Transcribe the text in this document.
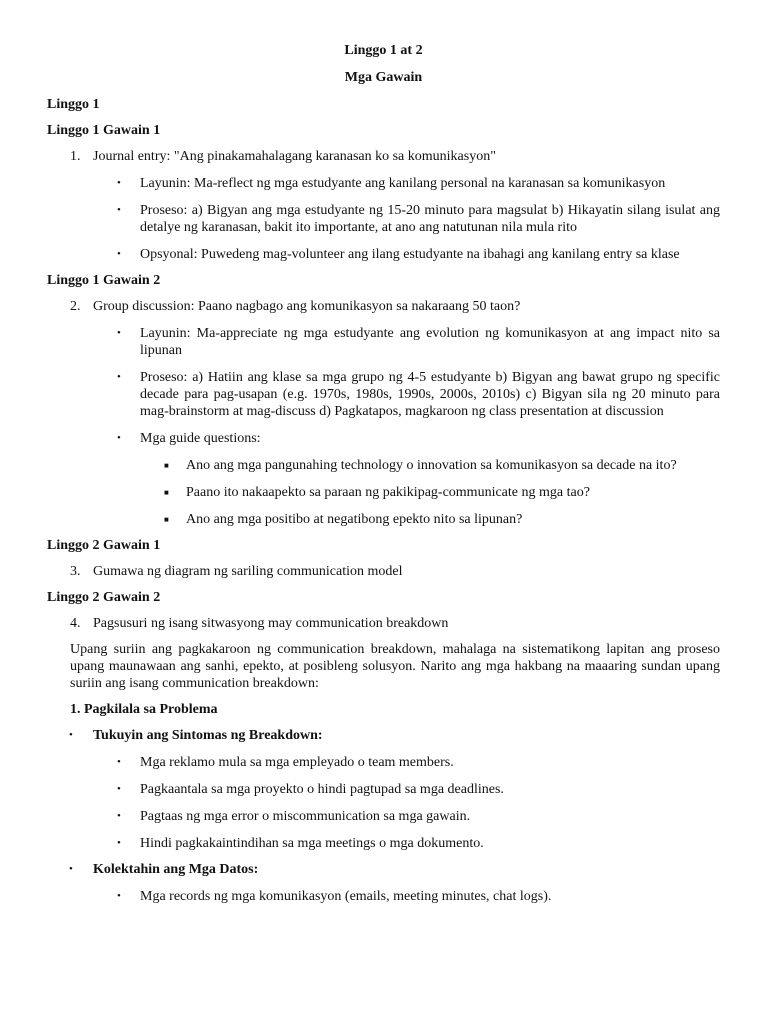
Linggo 1 at 2
Mga Gawain
Linggo 1
Linggo 1 Gawain 1
1. Journal entry: "Ang pinakamahalagang karanasan ko sa komunikasyon"
• Layunin: Ma-reflect ng mga estudyante ang kanilang personal na karanasan sa komunikasyon
• Proseso: a) Bigyan ang mga estudyante ng 15-20 minuto para magsulat b) Hikayatin silang isulat ang detalye ng karanasan, bakit ito importante, at ano ang natutunan nila mula rito
• Opsyonal: Puwedeng mag-volunteer ang ilang estudyante na ibahagi ang kanilang entry sa klase
Linggo 1 Gawain 2
2. Group discussion: Paano nagbago ang komunikasyon sa nakaraang 50 taon?
• Layunin: Ma-appreciate ng mga estudyante ang evolution ng komunikasyon at ang impact nito sa lipunan
• Proseso: a) Hatiin ang klase sa mga grupo ng 4-5 estudyante b) Bigyan ang bawat grupo ng specific decade para pag-usapan (e.g. 1970s, 1980s, 1990s, 2000s, 2010s) c) Bigyan sila ng 20 minuto para mag-brainstorm at mag-discuss d) Pagkatapos, magkaroon ng class presentation at discussion
• Mga guide questions:
■ Ano ang mga pangunahing technology o innovation sa komunikasyon sa decade na ito?
■ Paano ito nakaapekto sa paraan ng pakikipag-communicate ng mga tao?
■ Ano ang mga positibo at negatibong epekto nito sa lipunan?
Linggo 2 Gawain 1
3. Gumawa ng diagram ng sariling communication model
Linggo 2 Gawain 2
4. Pagsusuri ng isang sitwasyong may communication breakdown
Upang suriin ang pagkakaroon ng communication breakdown, mahalaga na sistematikong lapitan ang proseso upang maunawaan ang sanhi, epekto, at posibleng solusyon. Narito ang mga hakbang na maaaring sundan upang suriin ang isang communication breakdown:
1. Pagkilala sa Problema
• Tukuyin ang Sintomas ng Breakdown:
• Mga reklamo mula sa mga empleyado o team members.
• Pagkaantala sa mga proyekto o hindi pagtupad sa mga deadlines.
• Pagtaas ng mga error o miscommunication sa mga gawain.
• Hindi pagkakaintindihan sa mga meetings o mga dokumento.
• Kolektahin ang Mga Datos:
• Mga records ng mga komunikasyon (emails, meeting minutes, chat logs).
